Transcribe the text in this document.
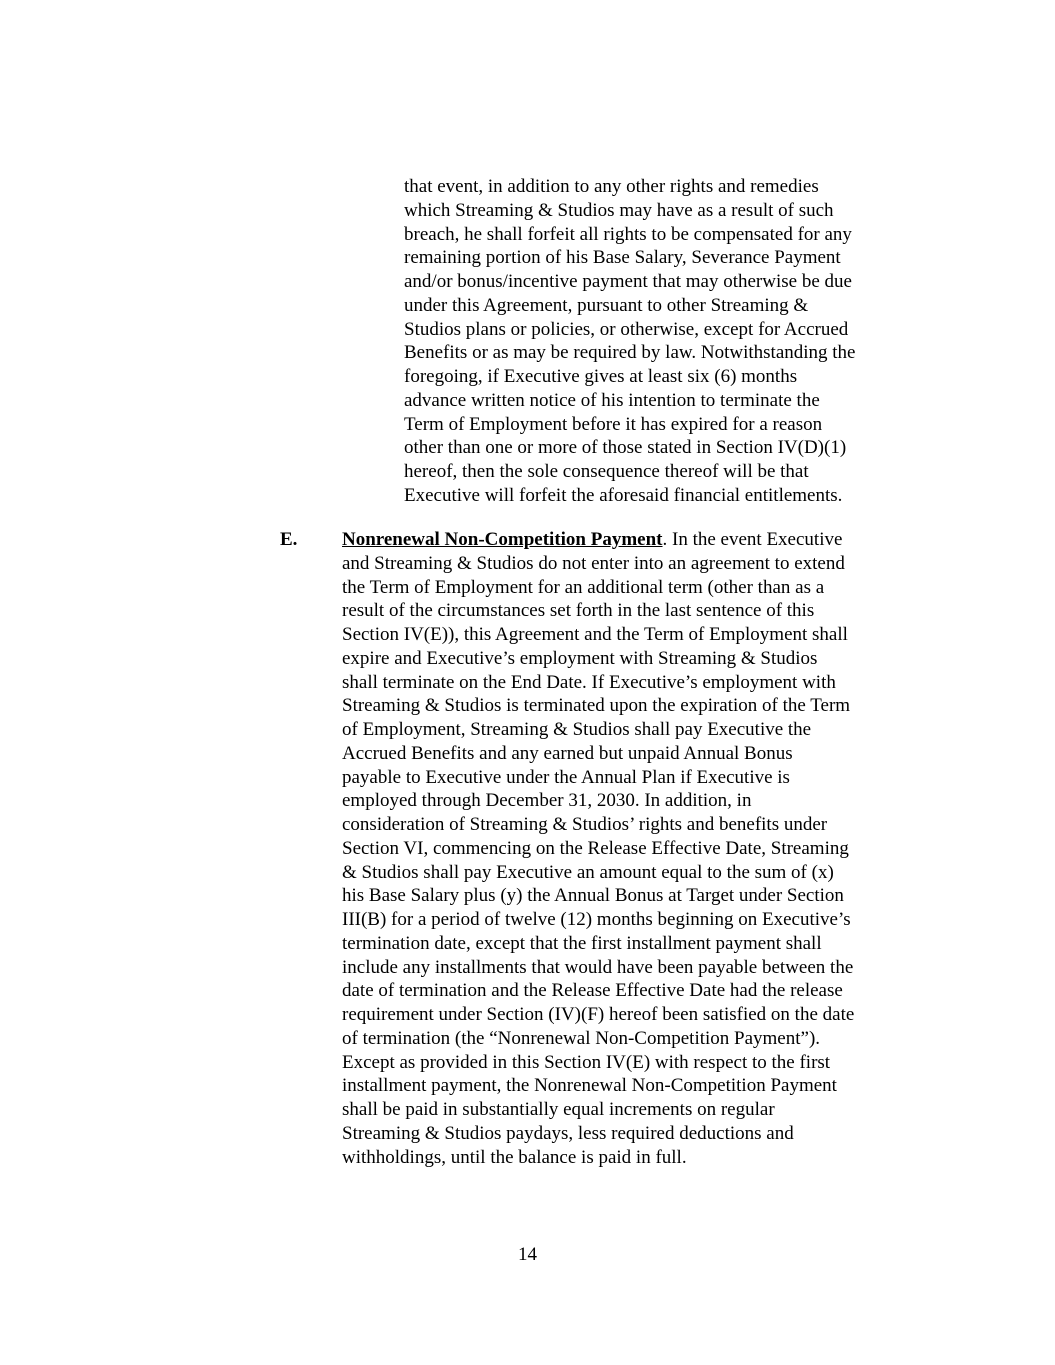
that event, in addition to any other rights and remedies
which Streaming & Studios may have as a result of such
breach, he shall forfeit all rights to be compensated for any
remaining portion of his Base Salary, Severance Payment
and/or bonus/incentive payment that may otherwise be due
under this Agreement, pursuant to other Streaming &
Studios plans or policies, or otherwise, except for Accrued
Benefits or as may be required by law. Notwithstanding the
foregoing, if Executive gives at least six (6) months
advance written notice of his intention to terminate the
Term of Employment before it has expired for a reason
other than one or more of those stated in Section IV(D)(1)
hereof, then the sole consequence thereof will be that
Executive will forfeit the aforesaid financial entitlements.
E. Nonrenewal Non-Competition Payment. In the event Executive
and Streaming & Studios do not enter into an agreement to extend
the Term of Employment for an additional term (other than as a
result of the circumstances set forth in the last sentence of this
Section IV(E)), this Agreement and the Term of Employment shall
expire and Executive’s employment with Streaming & Studios
shall terminate on the End Date. If Executive’s employment with
Streaming & Studios is terminated upon the expiration of the Term
of Employment, Streaming & Studios shall pay Executive the
Accrued Benefits and any earned but unpaid Annual Bonus
payable to Executive under the Annual Plan if Executive is
employed through December 31, 2030. In addition, in
consideration of Streaming & Studios’ rights and benefits under
Section VI, commencing on the Release Effective Date, Streaming
& Studios shall pay Executive an amount equal to the sum of (x)
his Base Salary plus (y) the Annual Bonus at Target under Section
III(B) for a period of twelve (12) months beginning on Executive’s
termination date, except that the first installment payment shall
include any installments that would have been payable between the
date of termination and the Release Effective Date had the release
requirement under Section (IV)(F) hereof been satisfied on the date
of termination (the “Nonrenewal Non-Competition Payment”).
Except as provided in this Section IV(E) with respect to the first
installment payment, the Nonrenewal Non-Competition Payment
shall be paid in substantially equal increments on regular
Streaming & Studios paydays, less required deductions and
withholdings, until the balance is paid in full.
14
